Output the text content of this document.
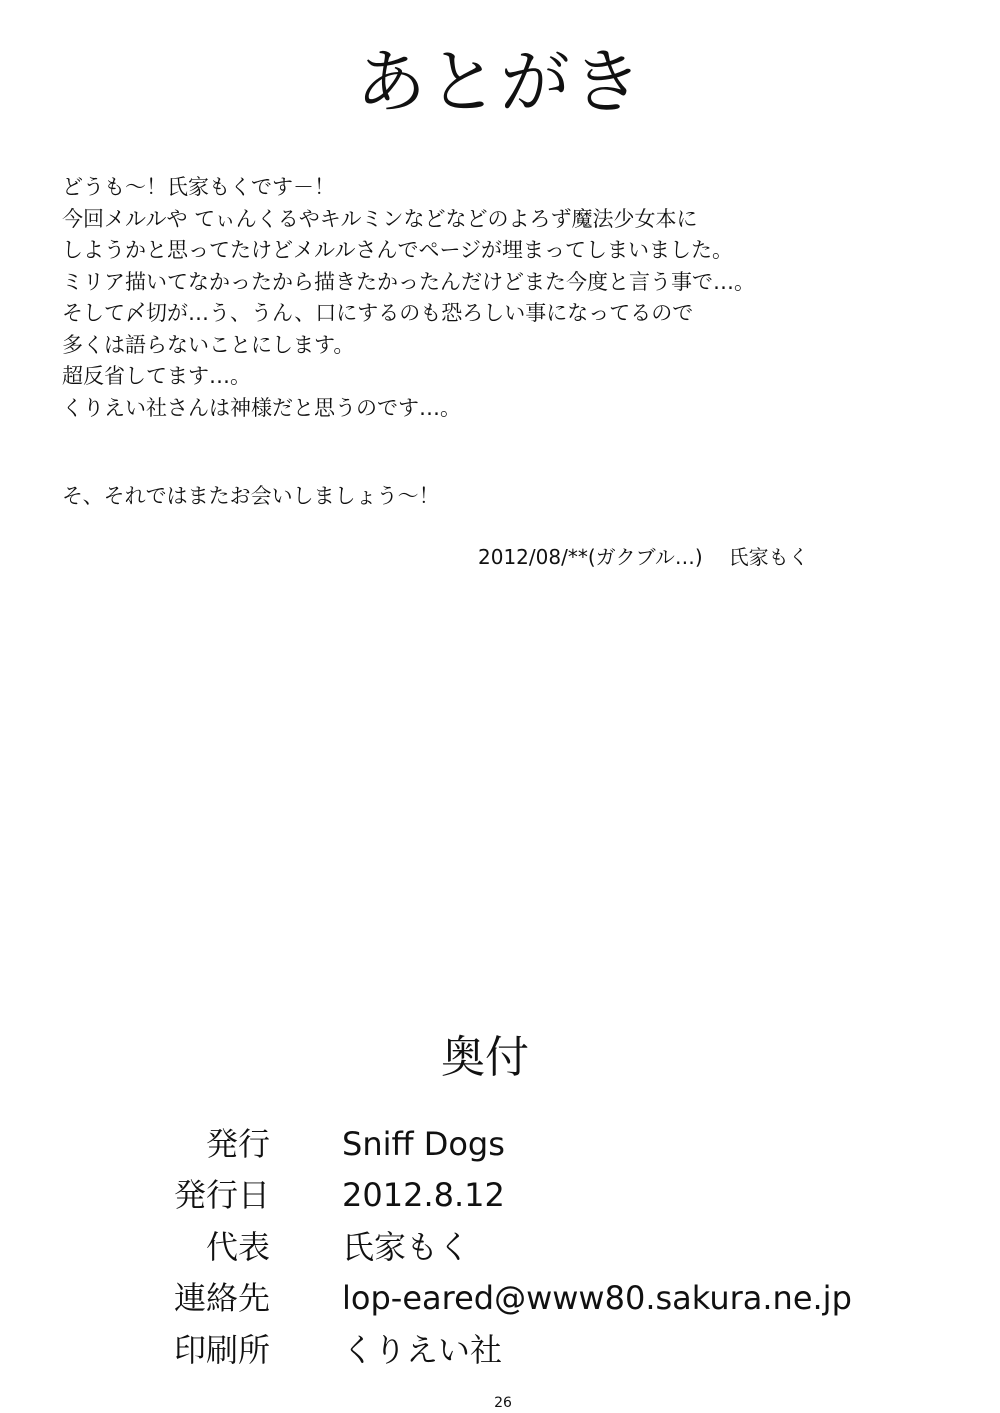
あとがき
どうも～！氏家もくです－！
今回メルルや てぃんくるやキルミンなどなどのよろず魔法少女本に
しようかと思ってたけどメルルさんでページが埋まってしまいました。
ミリア描いてなかったから描きたかったんだけどまた今度と言う事で…。
そして〆切が…う、うん、口にするのも恐ろしい事になってるので
多くは語らないことにします。
超反省してます…。
くりえい社さんは神様だと思うのです…。
そ、それではまたお会いしましょう～！
2012/08/**(ガクブル…) 氏家もく
奥付
発行 Sniff Dogs
発行日 2012.8.12
代表 氏家もく
連絡先 lop-eared@www80.sakura.ne.jp
印刷所 くりえい社
26
